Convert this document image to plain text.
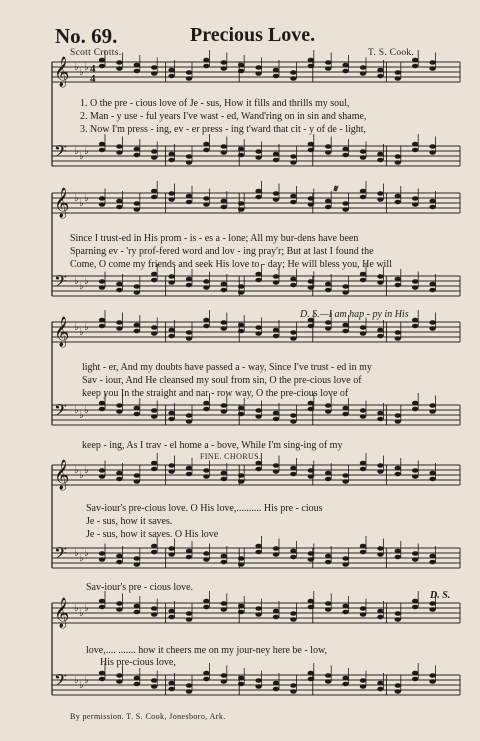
No. 69.	Precious Love.
Scott Crotts.	T. S. Cook.
𝄞 ♭ ♭ ♭
𝄢 ♭ ♭ ♭
𝄞 ♭ ♭ ♭
𝄢 ♭ ♭ ♭
𝄞 ♭ ♭ ♭
𝄢 ♭ ♭ ♭
𝄞 ♭ ♭ ♭
𝄢 ♭ ♭ ♭
𝄞 ♭ ♭ ♭
𝄢 ♭ ♭ ♭
4
4
1. O the pre - cious love of Je - sus, How it fills and thrills my soul,
2. Man - y use - ful years I've wast - ed, Wand'ring on in sin and shame,
3. Now I'm press - ing, ev - er press - ing t'ward that cit - y of de - light,
Since I trust-ed in His prom - is - es a - lone; All my bur-dens have been
Sparning ev - 'ry prof-fered word and lov - ing pray'r; But at last I found the
Come, O come my friends and seek His love to - day; He will bless you, He will
𝄋
D. S.—I am hap - py in His
light - er, And my doubts have passed a - way, Since I've trust - ed in my
Sav - iour, And He cleansed my soul from sin, O the pre-cious love of
keep you In the straight and nar - row way, O the pre-cious love of
keep - ing, As I trav - el home a - bove, While I'm sing-ing of my
FINE. CHORUS.
Sav-iour's pre-cious love. O His love,.......... His pre - cious
Je - sus, how it saves.
Je - sus, how it saves. O His love
Sav-iour's pre - cious love.
D. S.
love,.... ....... how it cheers me on my jour-ney here be - low,
His pre-cious love,
By permission. T. S. Cook, Jonesboro, Ark.
